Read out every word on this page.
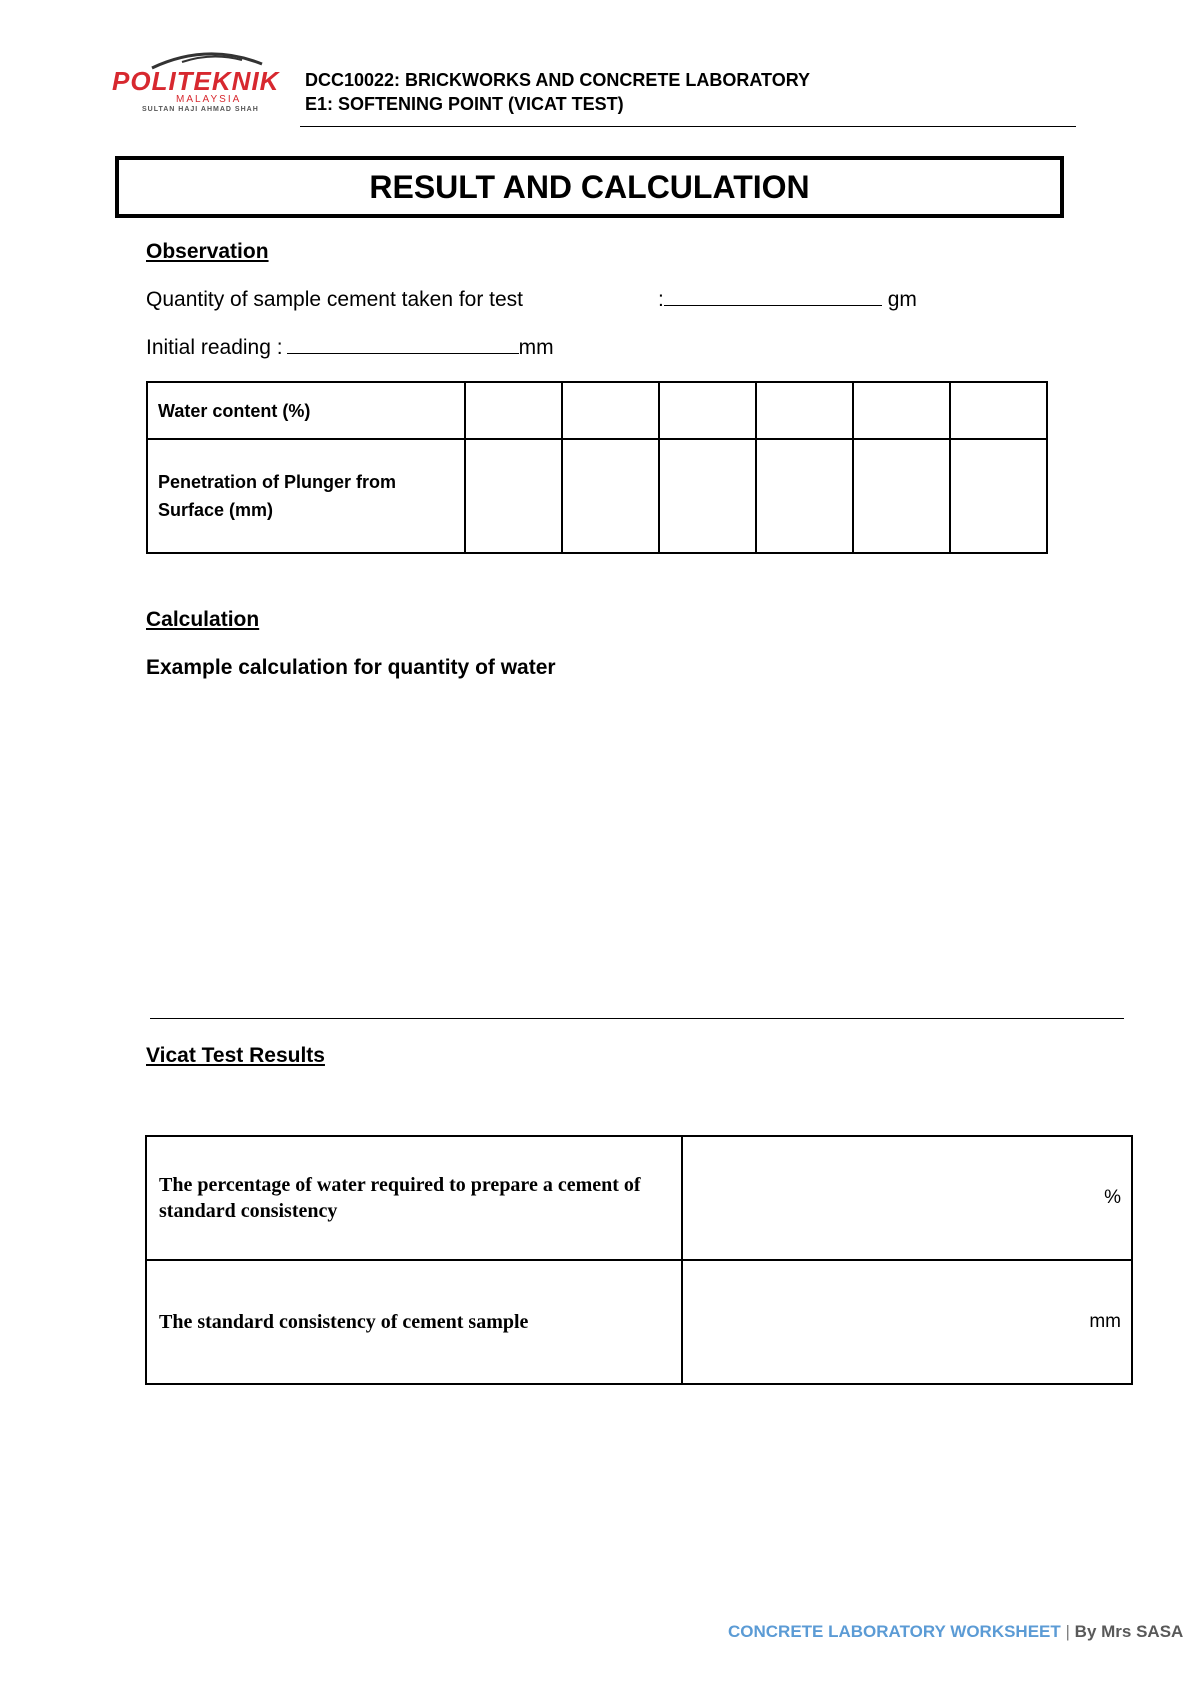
POLITEKNIK
MALAYSIA
SULTAN HAJI AHMAD SHAH
DCC10022: BRICKWORKS AND CONCRETE LABORATORY
E1: SOFTENING POINT (VICAT TEST)
RESULT AND CALCULATION
Observation
Quantity of sample cement taken for test	:	gm
Initial reading :	mm
Water content (%)						
Penetration of Plunger from Surface (mm)						
Calculation
Example calculation for quantity of water
Vicat Test Results
The percentage of water required to prepare a cement of standard consistency	%
The standard consistency of cement sample	mm
CONCRETE LABORATORY WORKSHEET | By Mrs SASA
